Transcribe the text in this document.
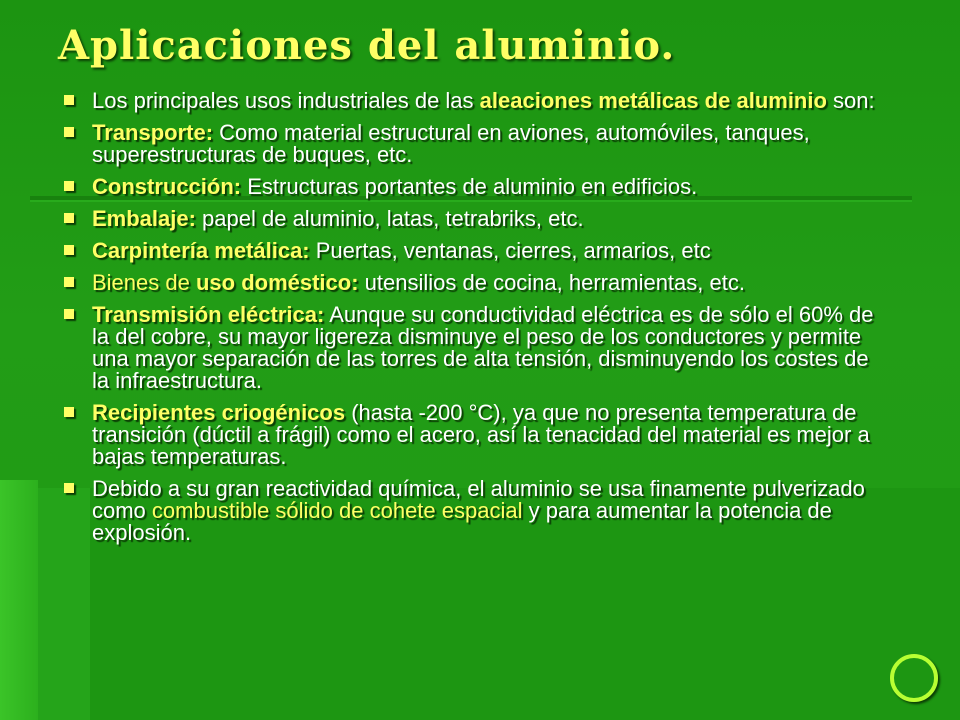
Aplicaciones del aluminio.
Los principales usos industriales de las aleaciones metálicas de aluminio son:
Transporte: Como material estructural en aviones, automóviles, tanques, superestructuras de buques, etc.
Construcción: Estructuras portantes de aluminio en edificios.
Embalaje: papel de aluminio, latas, tetrabriks, etc.
Carpintería metálica: Puertas, ventanas, cierres, armarios, etc
Bienes de uso doméstico: utensilios de cocina, herramientas, etc.
Transmisión eléctrica: Aunque su conductividad eléctrica es de sólo el 60% de la del cobre, su mayor ligereza disminuye el peso de los conductores y permite una mayor separación de las torres de alta tensión, disminuyendo los costes de la infraestructura.
Recipientes criogénicos (hasta -200 °C), ya que no presenta temperatura de transición (dúctil a frágil) como el acero, así la tenacidad del material es mejor a bajas temperaturas.
Debido a su gran reactividad química, el aluminio se usa finamente pulverizado como combustible sólido de cohete espacial y para aumentar la potencia de explosión.
